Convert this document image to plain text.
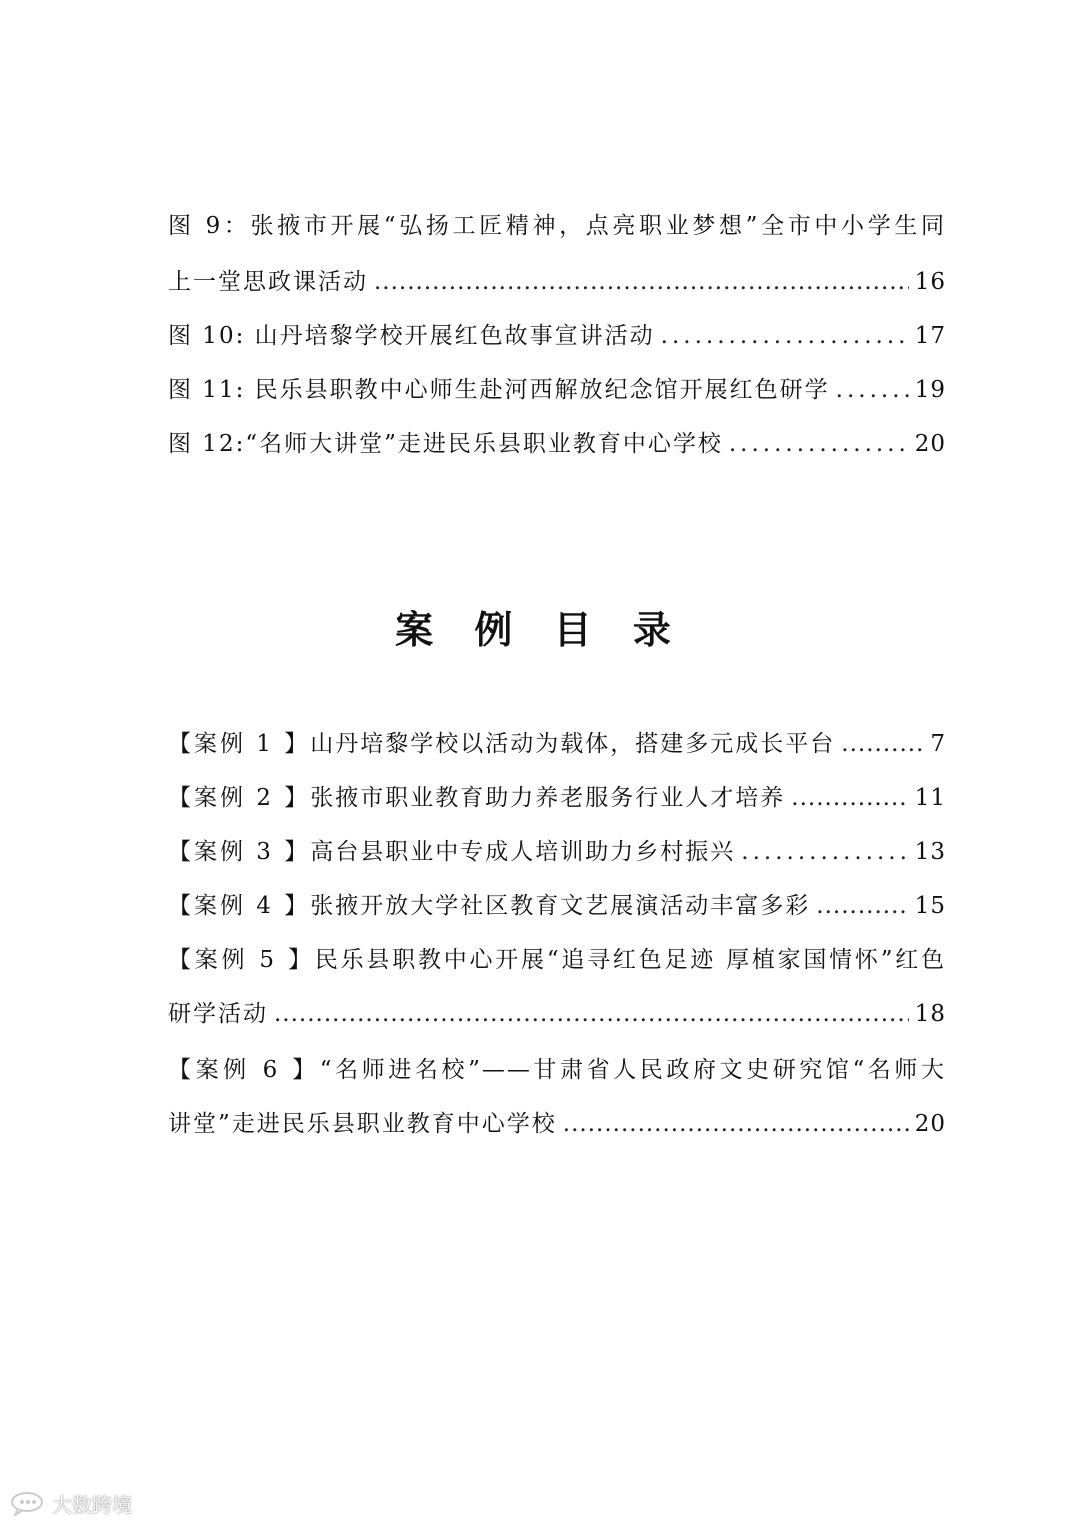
图 9：张掖市开展“弘扬工匠精神，点亮职业梦想”全市中小学生同
上一堂思政课活动 .....	16
图 10: 山丹培黎学校开展红色故事宣讲活动 .....	17
图 11: 民乐县职教中心师生赴河西解放纪念馆开展红色研学 .....	19
图 12:“名师大讲堂”走进民乐县职业教育中心学校 .....	20
案 例 目 录
【案例 1 】山丹培黎学校以活动为载体，搭建多元成长平台 .....	7
【案例 2 】张掖市职业教育助力养老服务行业人才培养 .....	11
【案例 3 】高台县职业中专成人培训助力乡村振兴 .....	13
【案例 4 】张掖开放大学社区教育文艺展演活动丰富多彩 .....	15
【案例 5 】民乐县职教中心开展“追寻红色足迹 厚植家国情怀”红色
研学活动 .....	18
【案例 6 】“名师进名校”——甘肃省人民政府文史研究馆“名师大
讲堂”走进民乐县职业教育中心学校 .....	20
大数跨境
